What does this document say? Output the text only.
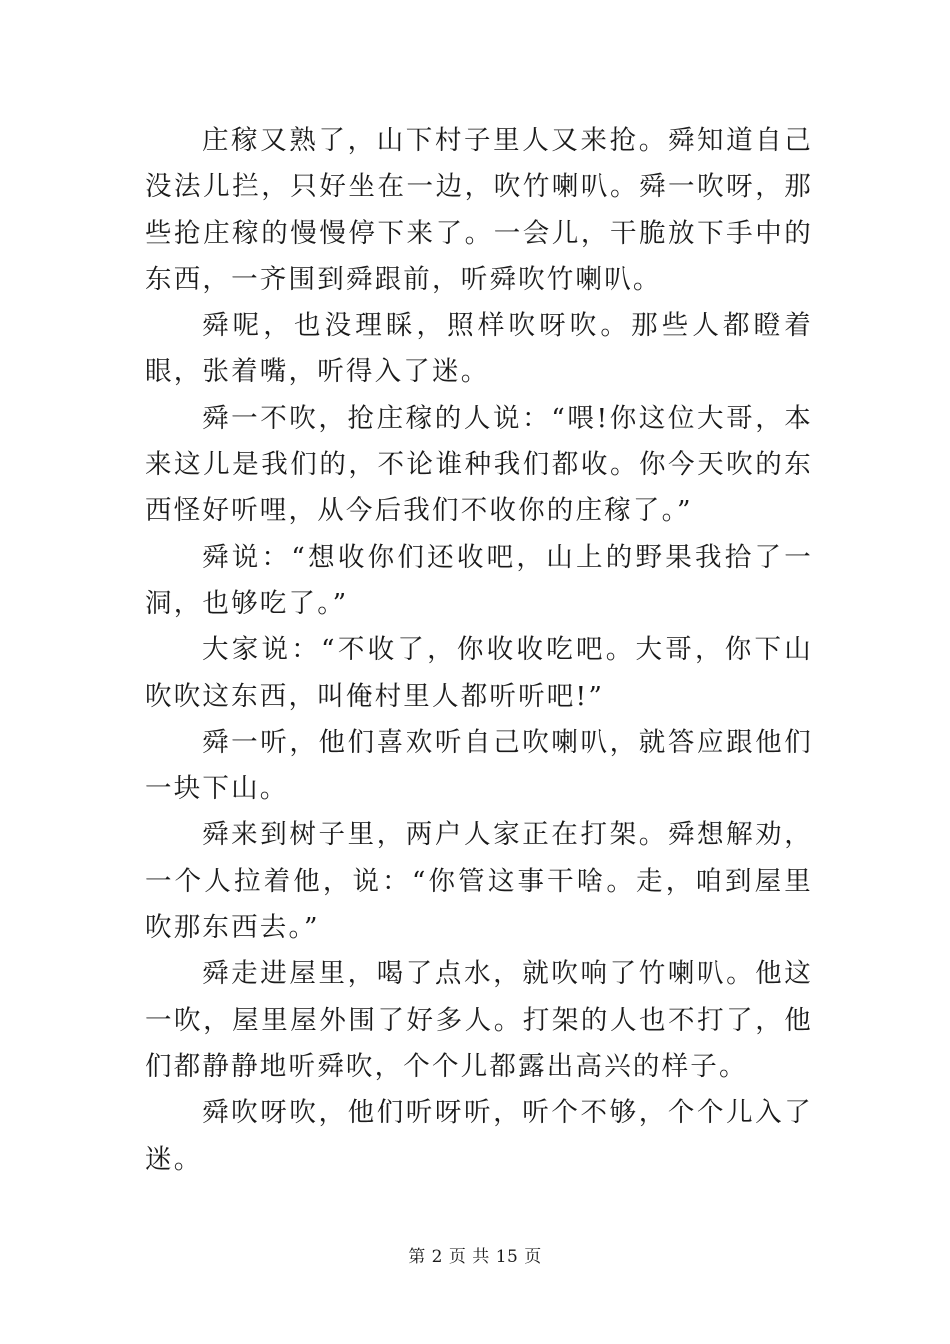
庄稼又熟了，山下村子里人又来抢。舜知道自己没法儿拦，只好坐在一边，吹竹喇叭。舜一吹呀，那些抢庄稼的慢慢停下来了。一会儿，干脆放下手中的东西，一齐围到舜跟前，听舜吹竹喇叭。

舜呢，也没理睬，照样吹呀吹。那些人都瞪着眼，张着嘴，听得入了迷。

舜一不吹，抢庄稼的人说：“喂!你这位大哥，本来这儿是我们的，不论谁种我们都收。你今天吹的东西怪好听哩，从今后我们不收你的庄稼了。”

舜说：“想收你们还收吧，山上的野果我拾了一洞，也够吃了。”

大家说：“不收了，你收收吃吧。大哥，你下山吹吹这东西，叫俺村里人都听听吧!”

舜一听，他们喜欢听自己吹喇叭，就答应跟他们一块下山。

舜来到树子里，两户人家正在打架。舜想解劝，一个人拉着他，说：“你管这事干啥。走，咱到屋里吹那东西去。”

舜走进屋里，喝了点水，就吹响了竹喇叭。他这一吹，屋里屋外围了好多人。打架的人也不打了，他们都静静地听舜吹，个个儿都露出高兴的样子。

舜吹呀吹，他们听呀听，听个不够，个个儿入了迷。

第 2 页 共 15 页
